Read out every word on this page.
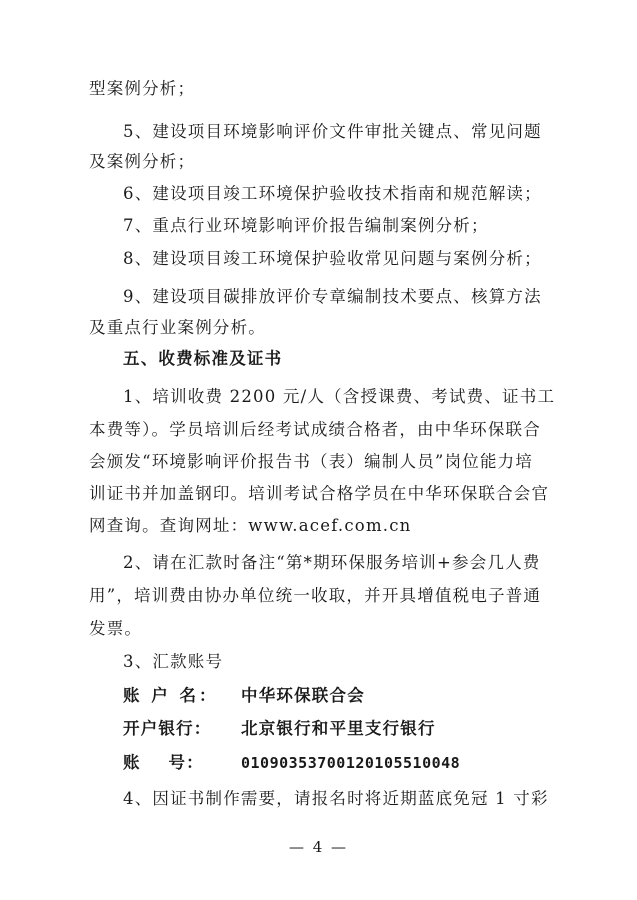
型案例分析；
5、建设项目环境影响评价文件审批关键点、常见问题
及案例分析；
6、建设项目竣工环境保护验收技术指南和规范解读；
7、重点行业环境影响评价报告编制案例分析；
8、建设项目竣工环境保护验收常见问题与案例分析；
9、建设项目碳排放评价专章编制技术要点、核算方法
及重点行业案例分析。
五、收费标准及证书
1、培训收费 2200 元/人（含授课费、考试费、证书工
本费等）。学员培训后经考试成绩合格者，由中华环保联合
会颁发“环境影响评价报告书（表）编制人员”岗位能力培
训证书并加盖钢印。培训考试合格学员在中华环保联合会官
网查询。查询网址：www.acef.com.cn
2、请在汇款时备注“第*期环保服务培训+参会几人费
用”，培训费由协办单位统一收取，并开具增值税电子普通
发票。
3、汇款账号
账 户 名： 中华环保联合会
开户银行： 北京银行和平里支行银行
账    号： 01090353700120105510048
4、因证书制作需要，请报名时将近期蓝底免冠 1 寸彩
— 4 —
